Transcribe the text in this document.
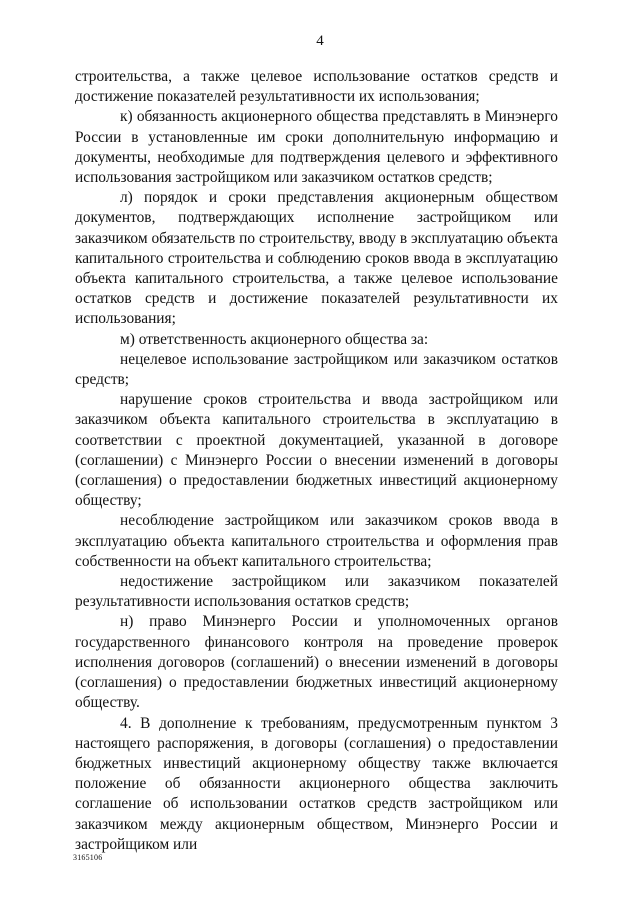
4

строительства, а также целевое использование остатков средств и достижение показателей результативности их использования;

к) обязанность акционерного общества представлять в Минэнерго России в установленные им сроки дополнительную информацию и документы, необходимые для подтверждения целевого и эффективного использования застройщиком или заказчиком остатков средств;

л) порядок и сроки представления акционерным обществом документов, подтверждающих исполнение застройщиком или заказчиком обязательств по строительству, вводу в эксплуатацию объекта капитального строительства и соблюдению сроков ввода в эксплуатацию объекта капитального строительства, а также целевое использование остатков средств и достижение показателей результативности их использования;

м) ответственность акционерного общества за:

нецелевое использование застройщиком или заказчиком остатков средств;

нарушение сроков строительства и ввода застройщиком или заказчиком объекта капитального строительства в эксплуатацию в соответствии с проектной документацией, указанной в договоре (соглашении) с Минэнерго России о внесении изменений в договоры (соглашения) о предоставлении бюджетных инвестиций акционерному обществу;

несоблюдение застройщиком или заказчиком сроков ввода в эксплуатацию объекта капитального строительства и оформления прав собственности на объект капитального строительства;

недостижение застройщиком или заказчиком показателей результативности использования остатков средств;

н) право Минэнерго России и уполномоченных органов государственного финансового контроля на проведение проверок исполнения договоров (соглашений) о внесении изменений в договоры (соглашения) о предоставлении бюджетных инвестиций акционерному обществу.

4. В дополнение к требованиям, предусмотренным пунктом 3 настоящего распоряжения, в договоры (соглашения) о предоставлении бюджетных инвестиций акционерному обществу также включается положение об обязанности акционерного общества заключить соглашение об использовании остатков средств застройщиком или заказчиком между акционерным обществом, Минэнерго России и застройщиком или

3165106
